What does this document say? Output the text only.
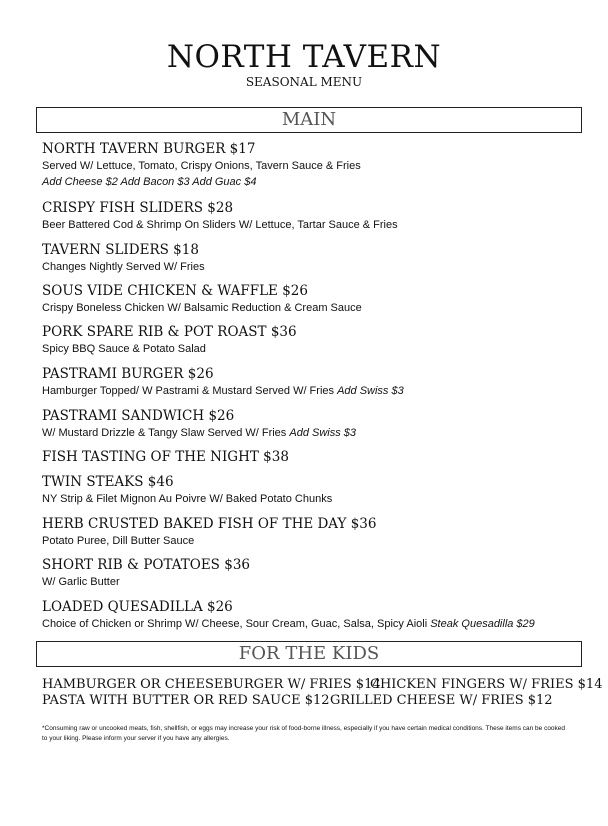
NORTH TAVERN
SEASONAL MENU
MAIN
NORTH TAVERN BURGER $17
Served W/ Lettuce, Tomato, Crispy Onions, Tavern Sauce & Fries
Add Cheese $2 Add Bacon $3 Add Guac $4
CRISPY FISH SLIDERS $28
Beer Battered Cod & Shrimp On Sliders W/ Lettuce, Tartar Sauce & Fries
TAVERN SLIDERS $18
Changes Nightly Served W/ Fries
SOUS VIDE CHICKEN & WAFFLE $26
Crispy Boneless Chicken W/ Balsamic Reduction & Cream Sauce
PORK SPARE RIB & POT ROAST $36
Spicy BBQ Sauce & Potato Salad
PASTRAMI BURGER $26
Hamburger Topped/ W Pastrami & Mustard Served W/ Fries Add Swiss $3
PASTRAMI SANDWICH $26
W/ Mustard Drizzle & Tangy Slaw Served W/ Fries Add Swiss $3
FISH TASTING OF THE NIGHT $38
TWIN STEAKS $46
NY Strip & Filet Mignon Au Poivre W/ Baked Potato Chunks
HERB CRUSTED BAKED FISH OF THE DAY $36
Potato Puree, Dill Butter Sauce
SHORT RIB & POTATOES $36
W/ Garlic Butter
LOADED QUESADILLA $26
Choice of Chicken or Shrimp W/ Cheese, Sour Cream, Guac, Salsa, Spicy Aioli Steak Quesadilla $29
FOR THE KIDS
HAMBURGER OR CHEESEBURGER W/ FRIES $14
CHICKEN FINGERS W/ FRIES $14
PASTA WITH BUTTER OR RED SAUCE $12 GRILLED CHEESE W/ FRIES $12
*Consuming raw or uncooked meats, fish, shellfish, or eggs may increase your risk of food-borne illness, especially if you have certain medical conditions. These items can be cooked to your liking. Please inform your server if you have any allergies.
